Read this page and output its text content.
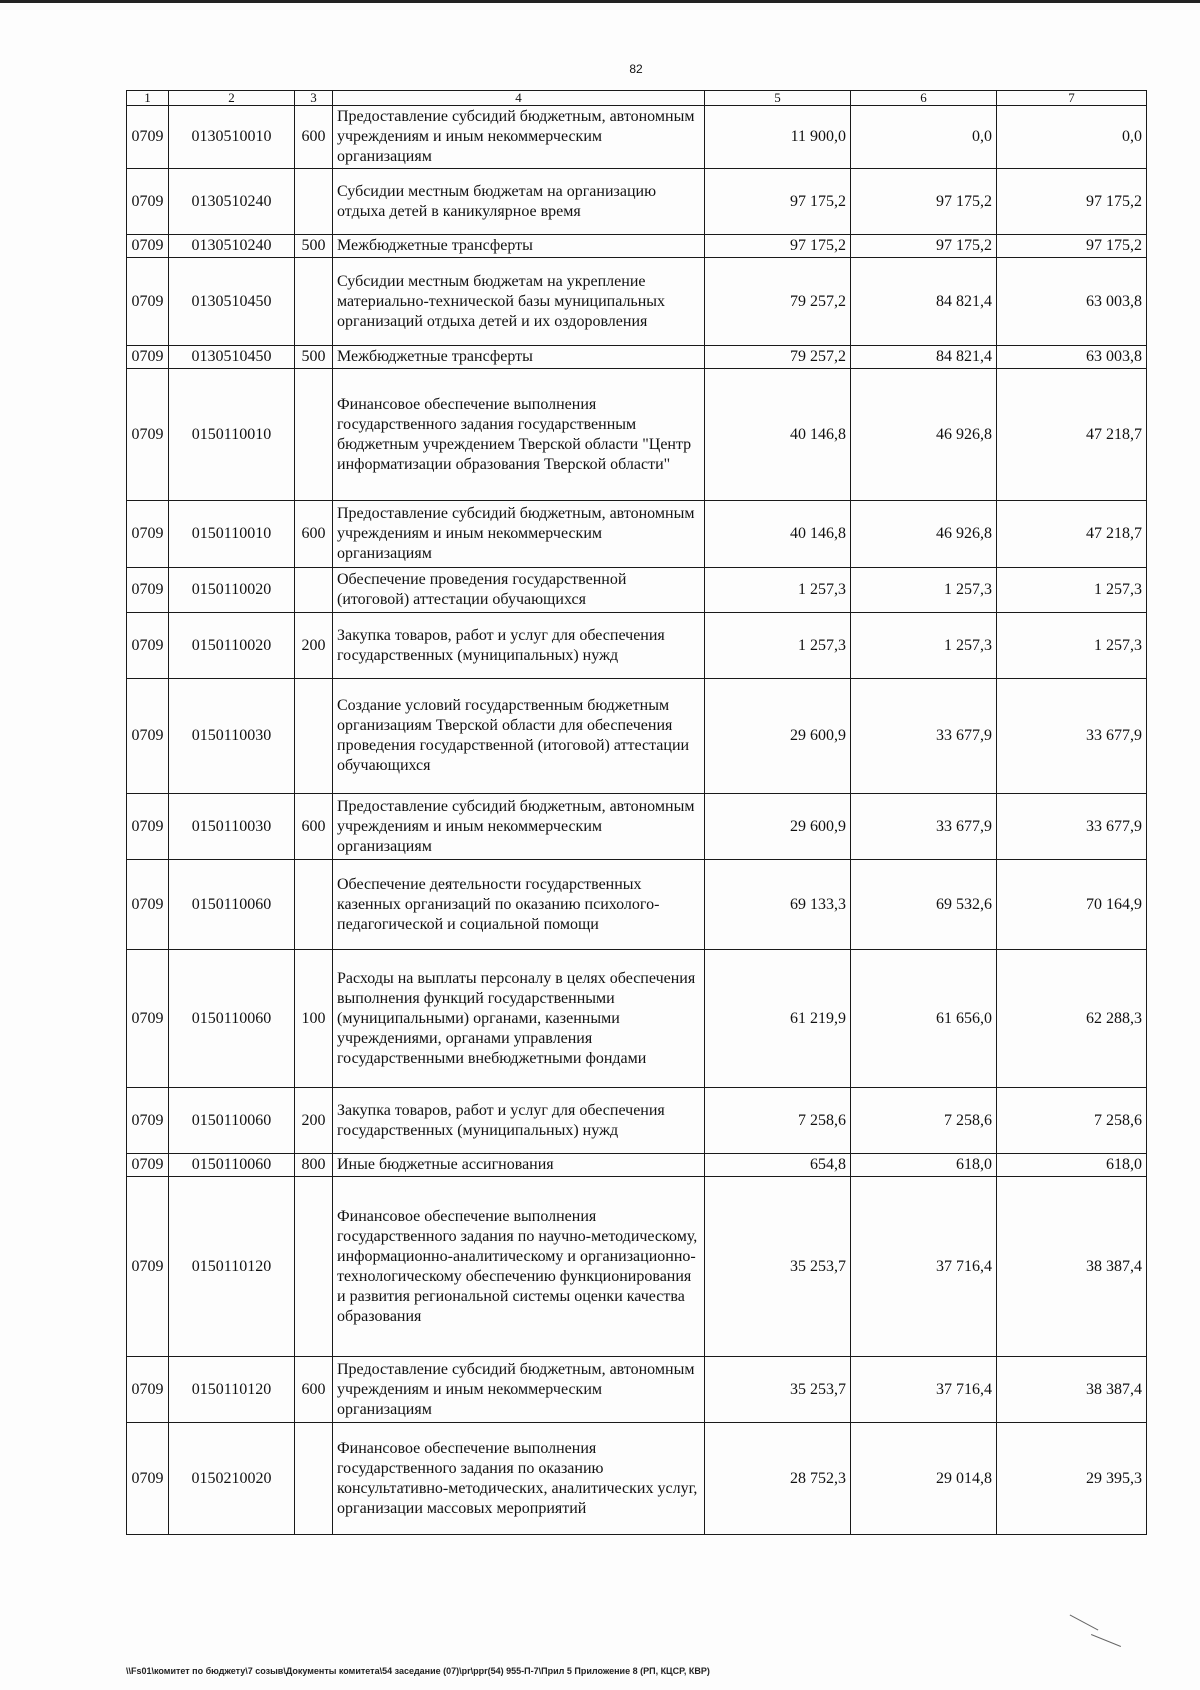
82
1	2	3	4	5	6	7
0709	0130510010	600	Предоставление субсидий бюджетным, автономным учреждениям и иным некоммерческим организациям	11 900,0	0,0	0,0
0709	0130510240		Субсидии местным бюджетам на организацию отдыха детей в каникулярное время	97 175,2	97 175,2	97 175,2
0709	0130510240	500	Межбюджетные трансферты	97 175,2	97 175,2	97 175,2
0709	0130510450		Субсидии местным бюджетам на укрепление материально-технической базы муниципальных организаций отдыха детей и их оздоровления	79 257,2	84 821,4	63 003,8
0709	0130510450	500	Межбюджетные трансферты	79 257,2	84 821,4	63 003,8
0709	0150110010		Финансовое обеспечение выполнения государственного задания государственным бюджетным учреждением Тверской области "Центр информатизации образования Тверской области"	40 146,8	46 926,8	47 218,7
0709	0150110010	600	Предоставление субсидий бюджетным, автономным учреждениям и иным некоммерческим организациям	40 146,8	46 926,8	47 218,7
0709	0150110020		Обеспечение проведения государственной (итоговой) аттестации обучающихся	1 257,3	1 257,3	1 257,3
0709	0150110020	200	Закупка товаров, работ и услуг для обеспечения государственных (муниципальных) нужд	1 257,3	1 257,3	1 257,3
0709	0150110030		Создание условий государственным бюджетным организациям Тверской области для обеспечения проведения государственной (итоговой) аттестации обучающихся	29 600,9	33 677,9	33 677,9
0709	0150110030	600	Предоставление субсидий бюджетным, автономным учреждениям и иным некоммерческим организациям	29 600,9	33 677,9	33 677,9
0709	0150110060		Обеспечение деятельности государственных казенных организаций по оказанию психолого-педагогической и социальной помощи	69 133,3	69 532,6	70 164,9
0709	0150110060	100	Расходы на выплаты персоналу в целях обеспечения выполнения функций государственными (муниципальными) органами, казенными учреждениями, органами управления государственными внебюджетными фондами	61 219,9	61 656,0	62 288,3
0709	0150110060	200	Закупка товаров, работ и услуг для обеспечения государственных (муниципальных) нужд	7 258,6	7 258,6	7 258,6
0709	0150110060	800	Иные бюджетные ассигнования	654,8	618,0	618,0
0709	0150110120		Финансовое обеспечение выполнения государственного задания по научно-методическому, информационно-аналитическому и организационно-технологическому обеспечению функционирования и развития региональной системы оценки качества образования	35 253,7	37 716,4	38 387,4
0709	0150110120	600	Предоставление субсидий бюджетным, автономным учреждениям и иным некоммерческим организациям	35 253,7	37 716,4	38 387,4
0709	0150210020		Финансовое обеспечение выполнения государственного задания по оказанию консультативно-методических, аналитических услуг, организации массовых мероприятий	28 752,3	29 014,8	29 395,3
\\Fs01\комитет по бюджету\7 созыв\Документы комитета\54 заседание (07)\pr\ppr(54) 955-П-7\Прил 5 Приложение 8 (РП, КЦСР, КВР)
